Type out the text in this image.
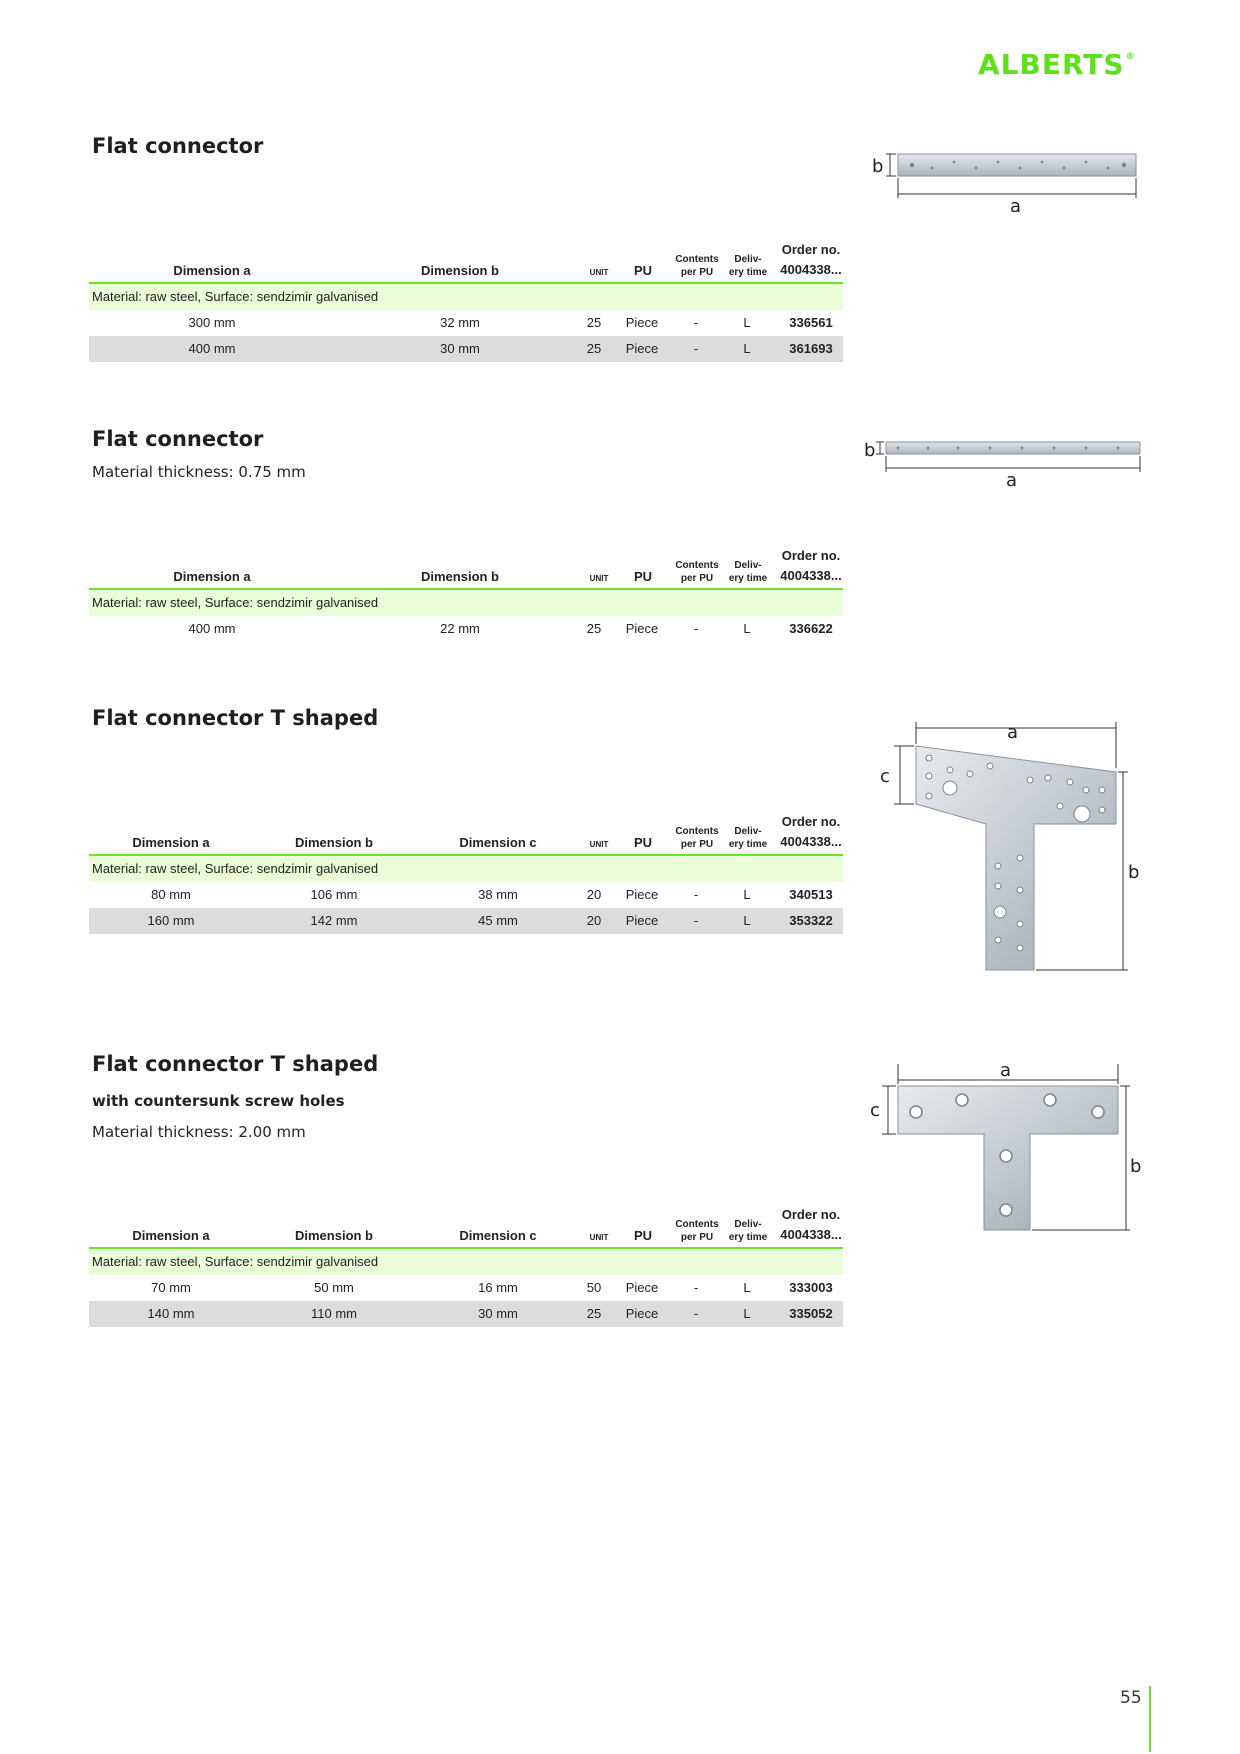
ALBERTS®
Flat connector
Dimension a	Dimension b	UNIT PU
Contents
per PU
Deliv-
ery time
Order no.
4004338...
Material: raw steel, Surface: sendzimir galvanised
300 mm	32 mm	25 Piece	-	L	336561
400 mm	30 mm	25 Piece	-	L	361693
b
a
Flat connector
Material thickness: 0.75 mm
Dimension a	Dimension b	UNIT PU
Contents
per PU
Deliv-
ery time
Order no.
4004338...
Material: raw steel, Surface: sendzimir galvanised
400 mm	22 mm	25 Piece	-	L	336622
b
a
Flat connector T shaped
Dimension a	Dimension b	Dimension c	UNIT PU
Contents
per PU
Deliv-
ery time
Order no.
4004338...
Material: raw steel, Surface: sendzimir galvanised
80 mm	106 mm	38 mm	20 Piece	-	L	340513
160 mm	142 mm	45 mm	20 Piece	-	L	353322
a
c
b
Flat connector T shaped
with countersunk screw holes
Material thickness: 2.00 mm
Dimension a	Dimension b	Dimension c	UNIT PU
Contents
per PU
Deliv-
ery time
Order no.
4004338...
Material: raw steel, Surface: sendzimir galvanised
70 mm	50 mm	16 mm	50 Piece	-	L	333003
140 mm	110 mm	30 mm	25 Piece	-	L	335052
a
c
b
55
